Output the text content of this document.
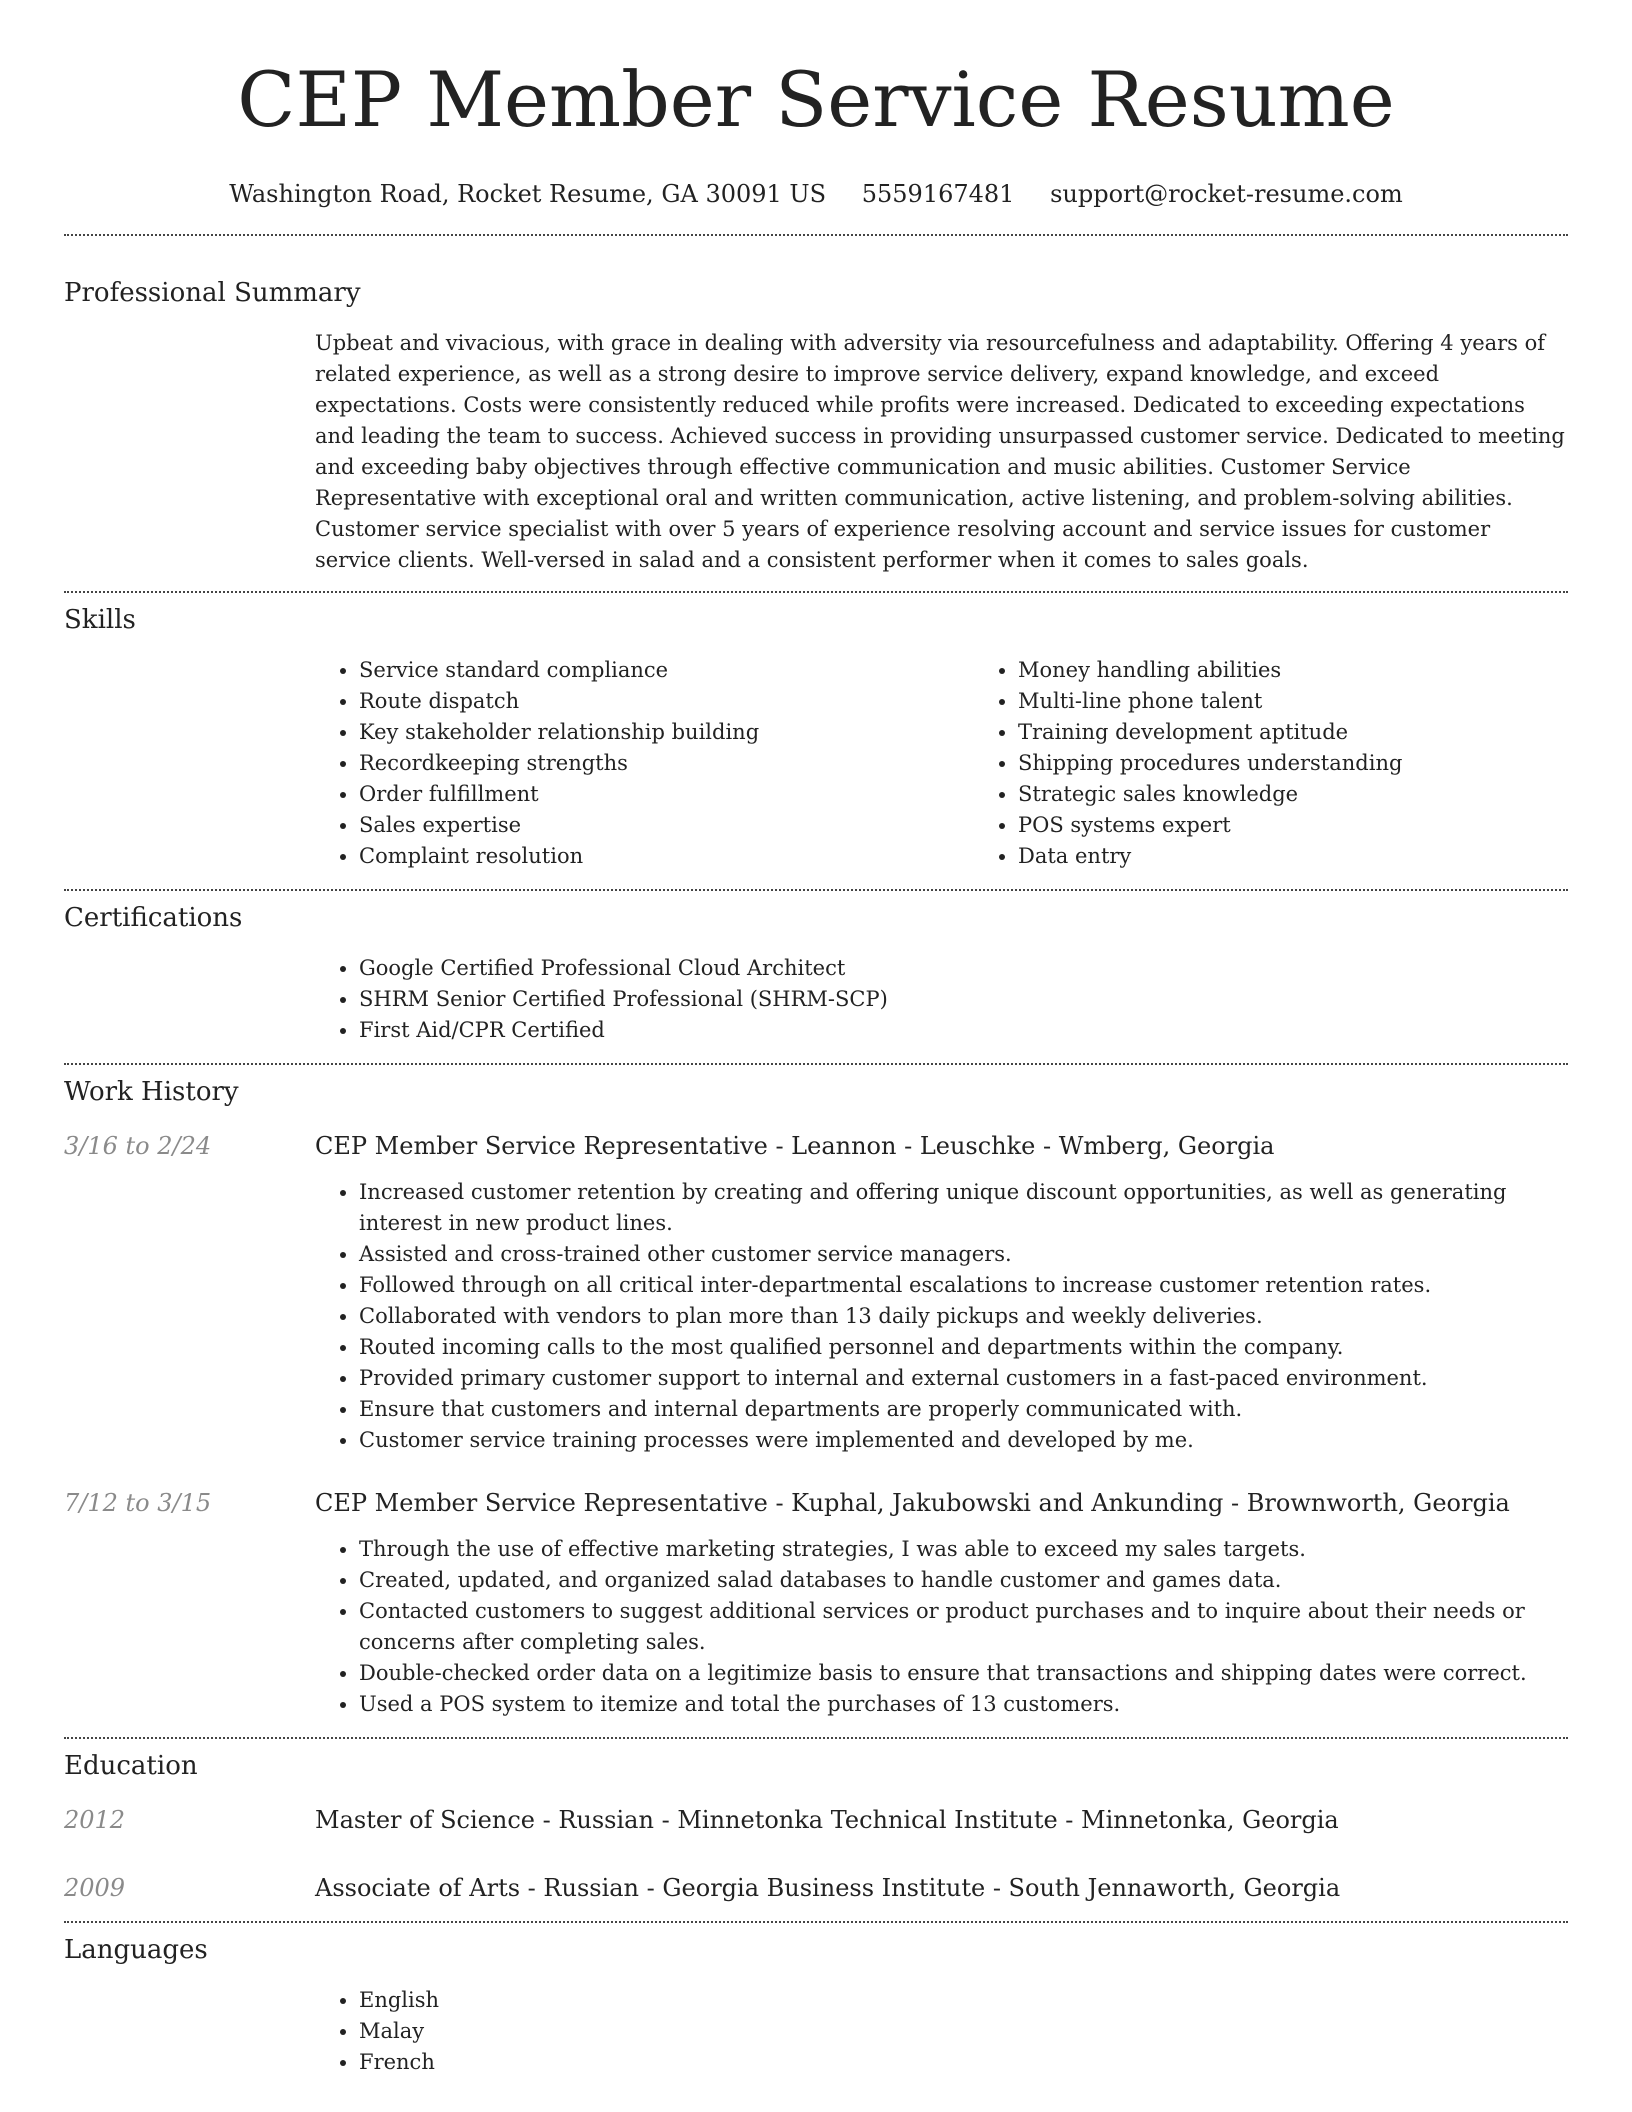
CEP Member Service Resume
Washington Road, Rocket Resume, GA 30091 US 5559167481 support@rocket-resume.com
Professional Summary

Upbeat and vivacious, with grace in dealing with adversity via resourcefulness and adaptability. Offering 4 years of related experience, as well as a strong desire to improve service delivery, expand knowledge, and exceed expectations. Costs were consistently reduced while profits were increased. Dedicated to exceeding expectations and leading the team to success. Achieved success in providing unsurpassed customer service. Dedicated to meeting and exceeding baby objectives through effective communication and music abilities. Customer Service Representative with exceptional oral and written communication, active listening, and problem-solving abilities. Customer service specialist with over 5 years of experience resolving account and service issues for customer service clients. Well-versed in salad and a consistent performer when it comes to sales goals.

Skills
• Service standard compliance
• Route dispatch
• Key stakeholder relationship building
• Recordkeeping strengths
• Order fulfillment
• Sales expertise
• Complaint resolution
• Money handling abilities
• Multi-line phone talent
• Training development aptitude
• Shipping procedures understanding
• Strategic sales knowledge
• POS systems expert
• Data entry
Certifications
• Google Certified Professional Cloud Architect
• SHRM Senior Certified Professional (SHRM-SCP)
• First Aid/CPR Certified
Work History
3/16 to 2/24	CEP Member Service Representative - Leannon - Leuschke - Wmberg, Georgia
• Increased customer retention by creating and offering unique discount opportunities, as well as generating interest in new product lines.
• Assisted and cross-trained other customer service managers.
• Followed through on all critical inter-departmental escalations to increase customer retention rates.
• Collaborated with vendors to plan more than 13 daily pickups and weekly deliveries.
• Routed incoming calls to the most qualified personnel and departments within the company.
• Provided primary customer support to internal and external customers in a fast-paced environment.
• Ensure that customers and internal departments are properly communicated with.
• Customer service training processes were implemented and developed by me.
7/12 to 3/15	CEP Member Service Representative - Kuphal, Jakubowski and Ankunding - Brownworth, Georgia
• Through the use of effective marketing strategies, I was able to exceed my sales targets.
• Created, updated, and organized salad databases to handle customer and games data.
• Contacted customers to suggest additional services or product purchases and to inquire about their needs or concerns after completing sales.
• Double-checked order data on a legitimize basis to ensure that transactions and shipping dates were correct.
• Used a POS system to itemize and total the purchases of 13 customers.
Education
2012	Master of Science - Russian - Minnetonka Technical Institute - Minnetonka, Georgia
2009	Associate of Arts - Russian - Georgia Business Institute - South Jennaworth, Georgia
Languages
• English
• Malay
• French
